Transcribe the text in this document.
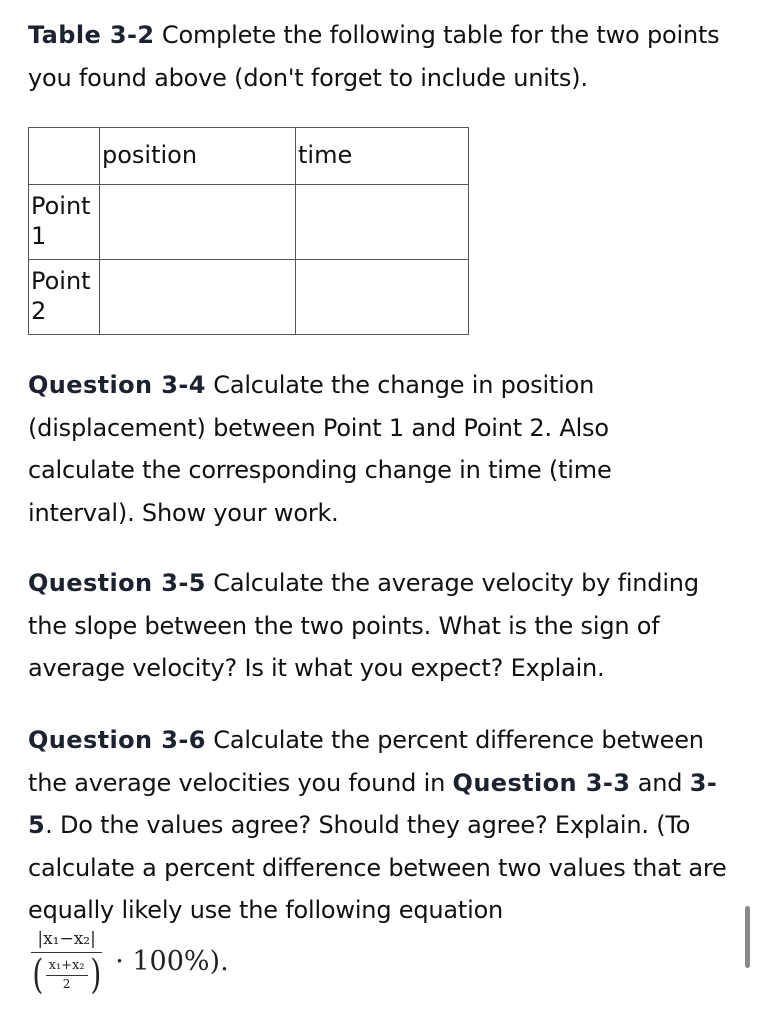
Table 3-2 Complete the following table for the two points you found above (don't forget to include units).

	position	time
Point 1		
Point 2		

Question 3-4 Calculate the change in position (displacement) between Point 1 and Point 2. Also calculate the corresponding change in time (time interval). Show your work.

Question 3-5 Calculate the average velocity by finding the slope between the two points. What is the sign of average velocity? Is it what you expect? Explain.

Question 3-6 Calculate the percent difference between the average velocities you found in Question 3-3 and 3-5. Do the values agree? Should they agree? Explain. (To calculate a percent difference between two values that are equally likely use the following equation

$\frac{\text{|x₁−x₂|}}{( \frac{\text{x₁+x₂}}{2} )} \cdot 100\%$).
